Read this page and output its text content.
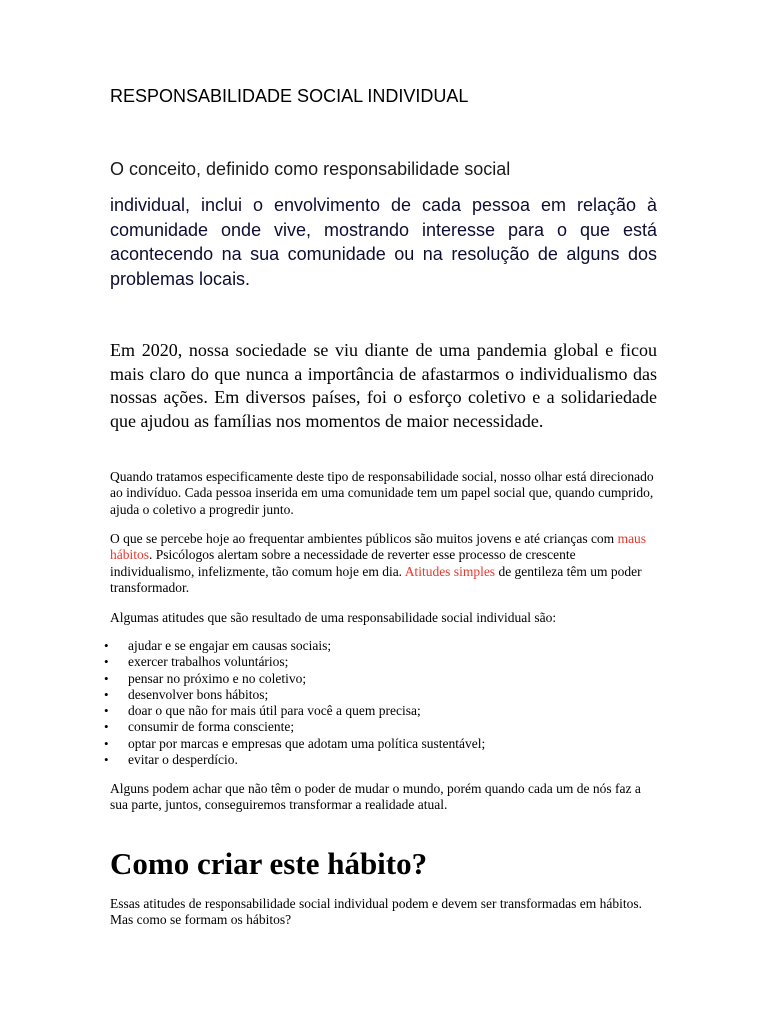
RESPONSABILIDADE SOCIAL INDIVIDUAL

O conceito, definido como responsabilidade social

individual, inclui o envolvimento de cada pessoa em relação à comunidade onde vive, mostrando interesse para o que está acontecendo na sua comunidade ou na resolução de alguns dos problemas locais.

Em 2020, nossa sociedade se viu diante de uma pandemia global e ficou mais claro do que nunca a importância de afastarmos o individualismo das nossas ações. Em diversos países, foi o esforço coletivo e a solidariedade que ajudou as famílias nos momentos de maior necessidade.

Quando tratamos especificamente deste tipo de responsabilidade social, nosso olhar está direcionado ao indivíduo. Cada pessoa inserida em uma comunidade tem um papel social que, quando cumprido, ajuda o coletivo a progredir junto.

O que se percebe hoje ao frequentar ambientes públicos são muitos jovens e até crianças com maus hábitos. Psicólogos alertam sobre a necessidade de reverter esse processo de crescente individualismo, infelizmente, tão comum hoje em dia. Atitudes simples de gentileza têm um poder transformador.

Algumas atitudes que são resultado de uma responsabilidade social individual são:

• ajudar e se engajar em causas sociais;
• exercer trabalhos voluntários;
• pensar no próximo e no coletivo;
• desenvolver bons hábitos;
• doar o que não for mais útil para você a quem precisa;
• consumir de forma consciente;
• optar por marcas e empresas que adotam uma política sustentável;
• evitar o desperdício.

Alguns podem achar que não têm o poder de mudar o mundo, porém quando cada um de nós faz a sua parte, juntos, conseguiremos transformar a realidade atual.

Como criar este hábito?

Essas atitudes de responsabilidade social individual podem e devem ser transformadas em hábitos. Mas como se formam os hábitos?
